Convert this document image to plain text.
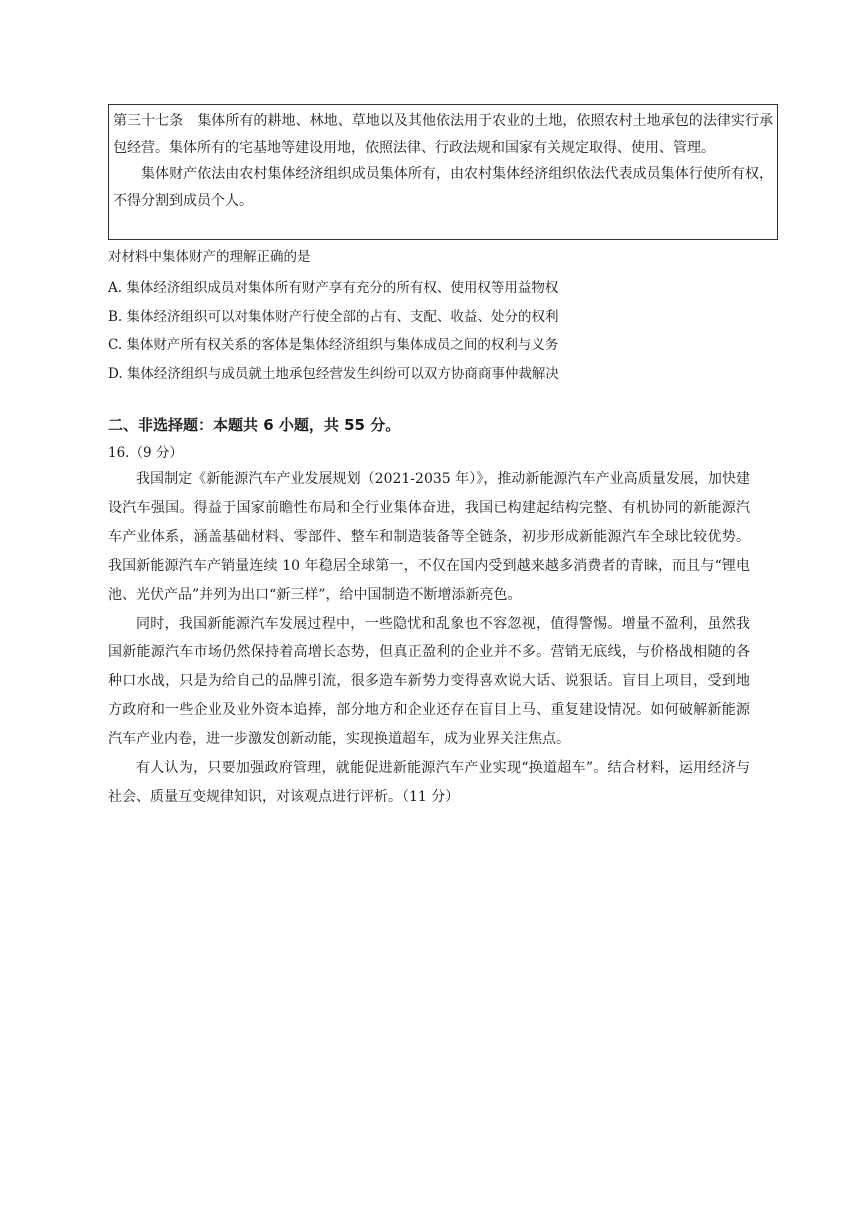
第三十七条　集体所有的耕地、林地、草地以及其他依法用于农业的土地，依照农村土地承包的法律实行承包经营。集体所有的宅基地等建设用地，依照法律、行政法规和国家有关规定取得、使用、管理。

集体财产依法由农村集体经济组织成员集体所有，由农村集体经济组织依法代表成员集体行使所有权，不得分割到成员个人。

对材料中集体财产的理解正确的是
A. 集体经济组织成员对集体所有财产享有充分的所有权、使用权等用益物权
B. 集体经济组织可以对集体财产行使全部的占有、支配、收益、处分的权利
C. 集体财产所有权关系的客体是集体经济组织与集体成员之间的权利与义务
D. 集体经济组织与成员就土地承包经营发生纠纷可以双方协商商事仲裁解决
二、非选择题：本题共 6 小题，共 55 分。
16.（9 分）

我国制定《新能源汽车产业发展规划（2021-2035 年）》，推动新能源汽车产业高质量发展，加快建设汽车强国。得益于国家前瞻性布局和全行业集体奋进，我国已构建起结构完整、有机协同的新能源汽车产业体系，涵盖基础材料、零部件、整车和制造装备等全链条，初步形成新能源汽车全球比较优势。我国新能源汽车产销量连续 10 年稳居全球第一，不仅在国内受到越来越多消费者的青睐，而且与“锂电池、光伏产品”并列为出口“新三样”，给中国制造不断增添新亮色。

同时，我国新能源汽车发展过程中，一些隐忧和乱象也不容忽视，值得警惕。增量不盈利，虽然我国新能源汽车市场仍然保持着高增长态势，但真正盈利的企业并不多。营销无底线，与价格战相随的各种口水战，只是为给自己的品牌引流，很多造车新势力变得喜欢说大话、说狠话。盲目上项目，受到地方政府和一些企业及业外资本追捧，部分地方和企业还存在盲目上马、重复建设情况。如何破解新能源汽车产业内卷，进一步激发创新动能，实现换道超车，成为业界关注焦点。

有人认为，只要加强政府管理，就能促进新能源汽车产业实现“换道超车”。结合材料，运用经济与社会、质量互变规律知识，对该观点进行评析。（11 分）
